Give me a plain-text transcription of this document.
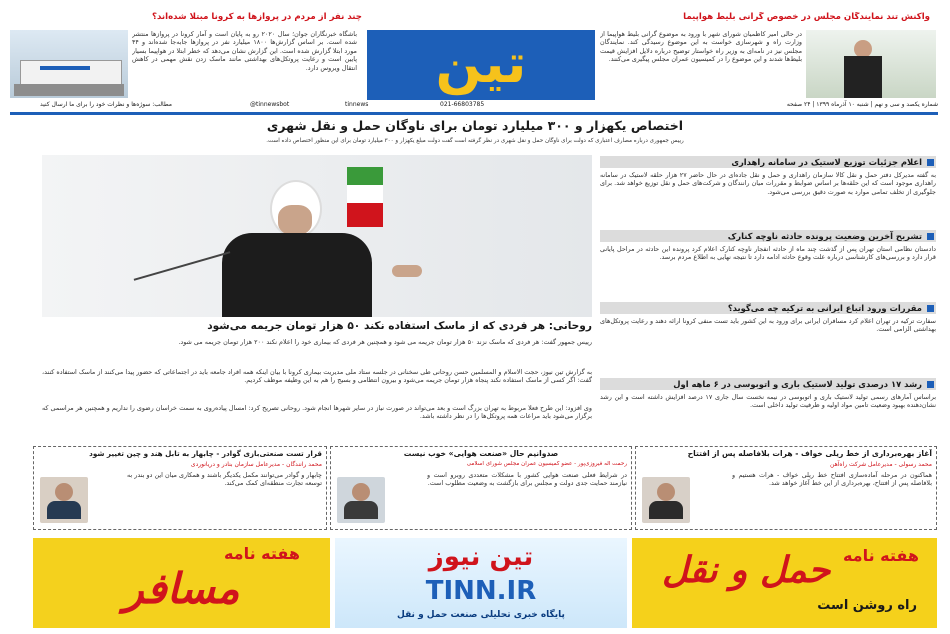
چند نفر از مردم در پروازها به کرونا مبتلا شده‌اند؟	واکنش تند نمایندگان مجلس در خصوص گرانی بلیط هواپیما
باشگاه خبرنگاران جوان؛ سال ۲۰۲۰ رو به پایان است و آمار کرونا در پروازها منتشر شده است. بر اساس گزارش‌ها ۱۸۰۰ میلیارد نفر در پروازها جابه‌جا شده‌اند و ۴۴ مورد ابتلا گزارش شده است. این گزارش نشان می‌دهد که خطر ابتلا در هواپیما بسیار پایین است و رعایت پروتکل‌های بهداشتی مانند ماسک زدن نقش مهمی در کاهش انتقال ویروس دارد.	تین	در حالی امیر کاظمیان شورای شهر با ورود به موضوع گرانی بلیط هواپیما از وزارت راه و شهرسازی خواست به این موضوع رسیدگی کند. نمایندگان مجلس نیز در نامه‌ای به وزیر راه خواستار توضیح درباره دلایل افزایش قیمت بلیط‌ها شدند و این موضوع را در کمیسیون عمران مجلس پیگیری می‌کنند.
مطالب: سوژه‌ها و نظرات خود را برای ما ارسال کنید	@tinnewsbot	tinnews	021-66803785	شماره یکصد و سی و نهم | شنبه ۱۰ آذرماه ۱۳۹۹ | ۲۴ صفحه
اختصاص یکهزار و ۳۰۰ میلیارد تومان برای ناوگان حمل و نقل شهری
رییس جمهوری درباره مصارف اعتباری که دولت برای ناوگان حمل و نقل شهری در نظر گرفته است گفت دولت مبلغ یکهزار و ۳۰۰ میلیارد تومان برای این منظور اختصاص داده است.
روحانی: هر فردی که از ماسک استفاده نکند ۵۰ هزار تومان جریمه می‌شود
رییس جمهور گفت: هر فردی که ماسک نزند ۵۰ هزار تومان جریمه می شود و همچنین هر فردی که بیماری خود را اعلام نکند ۲۰۰ هزار تومان جریمه می شود.
به گزارش تین نیوز، حجت الاسلام و المسلمین حسن روحانی طی سخنانی در جلسه ستاد ملی مدیریت بیماری کرونا با بیان اینکه همه افراد جامعه باید در اجتماعاتی که حضور پیدا می‌کنند از ماسک استفاده کنند، گفت: اگر کسی از ماسک استفاده نکند پنجاه هزار تومان جریمه می‌شود و بیرون انتظامی و بسیج را هم به این وظیفه موظف کردیم.
وی افزود: این طرح فعلا مربوط به تهران بزرگ است و بعد می‌تواند در صورت نیاز در سایر شهرها انجام شود. روحانی تصریح کرد: امسال پیاده‌روی به سمت خراسان رضوی را نداریم و همچنین هر مراسمی که برگزار می‌شود باید مراعات همه پروتکل‌ها را در نظر داشته باشد.
اعلام جزئیات توزیع لاستیک در سامانه راهداری
به گفته مدیرکل دفتر حمل و نقل کالا سازمان راهداری و حمل و نقل جاده‌ای در حال حاضر ۲۷ هزار حلقه لاستیک در سامانه راهداری موجود است که این حلقه‌ها بر اساس ضوابط و مقررات میان رانندگان و شرکت‌های حمل و نقل توزیع خواهد شد. برای جلوگیری از تخلف تمامی موارد به صورت دقیق بررسی می‌شود.
تشریح آخرین وضعیت پرونده حادثه ناوچه کنارک
دادستان نظامی استان تهران پس از گذشت چند ماه از حادثه انفجار ناوچه کنارک اعلام کرد پرونده این حادثه در مراحل پایانی قرار دارد و بررسی‌های کارشناسی درباره علت وقوع حادثه ادامه دارد تا نتیجه نهایی به اطلاع مردم برسد.
مقررات ورود اتباع ایرانی به ترکیه چه می‌گوید؟
سفارت ترکیه در تهران اعلام کرد مسافران ایرانی برای ورود به این کشور باید تست منفی کرونا ارائه دهند و رعایت پروتکل‌های بهداشتی الزامی است.
رشد ۱۷ درصدی تولید لاستیک باری و اتوبوسی در ۶ ماهه اول
براساس آمارهای رسمی تولید لاستیک باری و اتوبوسی در نیمه نخست سال جاری ۱۷ درصد افزایش داشته است و این رشد نشان‌دهنده بهبود وضعیت تامین مواد اولیه و ظرفیت تولید داخلی است.
آغاز بهره‌برداری از خط ریلی خواف - هرات بلافاصله پس از افتتاح
محمد رسولی - مدیرعامل شرکت راه‌آهن
هماکنون در مرحله آماده‌سازی افتتاح خط ریلی خواف - هرات هستیم و بلافاصله پس از افتتاح، بهره‌برداری از این خط آغاز خواهد شد.
صدوانیم حال «صنعت هوایی» خوب نیست
رحمت اله فیروزی‌پور - عضو کمیسیون عمران مجلس شورای اسلامی
در شرایط فعلی صنعت هوایی کشور با مشکلات متعددی روبرو است و نیازمند حمایت جدی دولت و مجلس برای بازگشت به وضعیت مطلوب است.
قرار تست صنعتی‌بازی گوادر - چابهار به تابل هند و چین تغییر شود
محمد رانندگان - مدیرعامل سازمان بنادر و دریانوردی
چابهار و گوادر می‌توانند مکمل یکدیگر باشند و همکاری میان این دو بندر به توسعه تجارت منطقه‌ای کمک می‌کند.
هفته نامه
حمل و نقل
راه روشن است
تین نیوز
TINN.IR
پایگاه خبری تحلیلی صنعت حمل و نقل
هفته نامه
مسافر
